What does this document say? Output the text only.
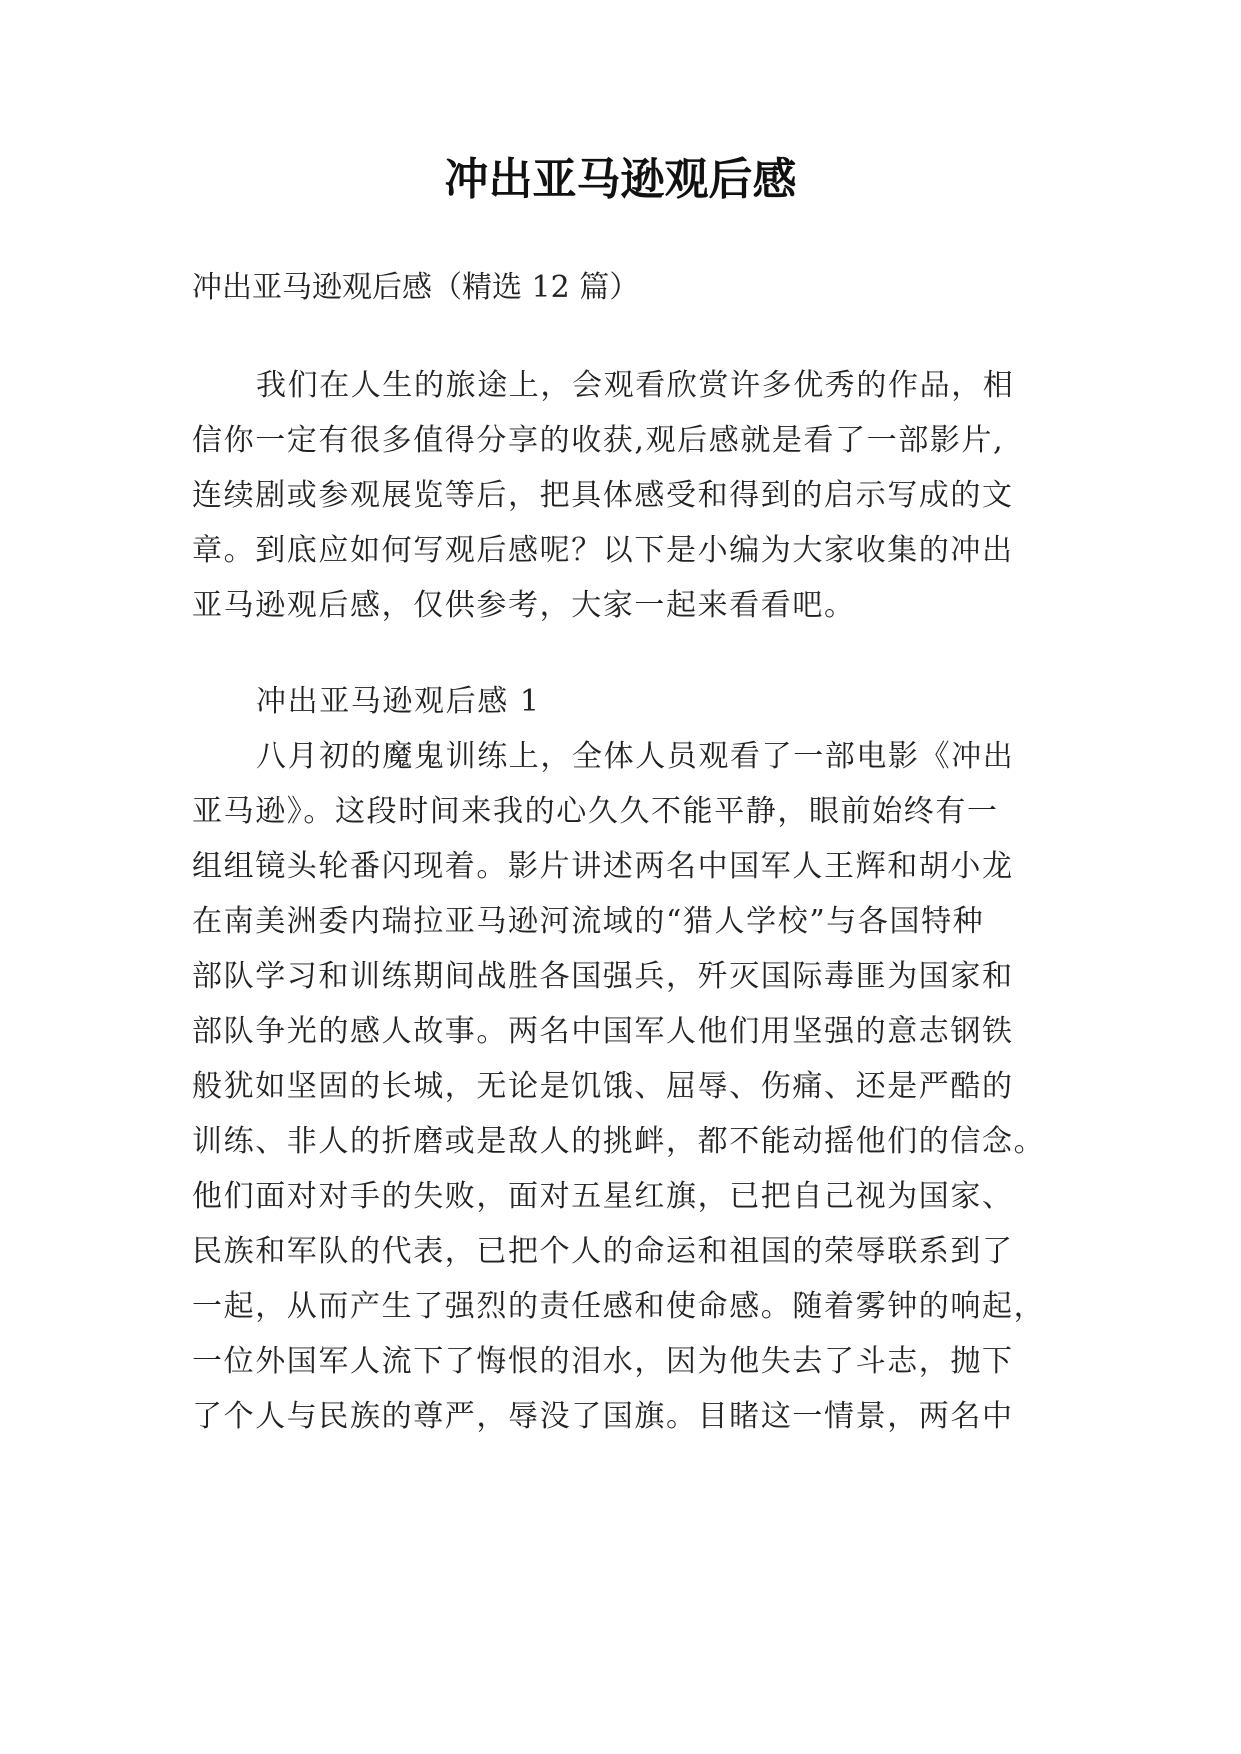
冲出亚马逊观后感

冲出亚马逊观后感（精选 12 篇）

我们在人生的旅途上，会观看欣赏许多优秀的作品，相

信你一定有很多值得分享的收获,观后感就是看了一部影片,

连续剧或参观展览等后，把具体感受和得到的启示写成的文

章。到底应如何写观后感呢？以下是小编为大家收集的冲出

亚马逊观后感，仅供参考，大家一起来看看吧。

冲出亚马逊观后感 1

八月初的魔鬼训练上，全体人员观看了一部电影《冲出

亚马逊》。这段时间来我的心久久不能平静，眼前始终有一

组组镜头轮番闪现着。影片讲述两名中国军人王辉和胡小龙

在南美洲委内瑞拉亚马逊河流域的“猎人学校”与各国特种

部队学习和训练期间战胜各国强兵，歼灭国际毒匪为国家和

部队争光的感人故事。两名中国军人他们用坚强的意志钢铁

般犹如坚固的长城，无论是饥饿、屈辱、伤痛、还是严酷的

训练、非人的折磨或是敌人的挑衅，都不能动摇他们的信念。

他们面对对手的失败，面对五星红旗，已把自己视为国家、

民族和军队的代表，已把个人的命运和祖国的荣辱联系到了

一起，从而产生了强烈的责任感和使命感。随着雾钟的响起，

一位外国军人流下了悔恨的泪水，因为他失去了斗志，抛下

了个人与民族的尊严，辱没了国旗。目睹这一情景，两名中
